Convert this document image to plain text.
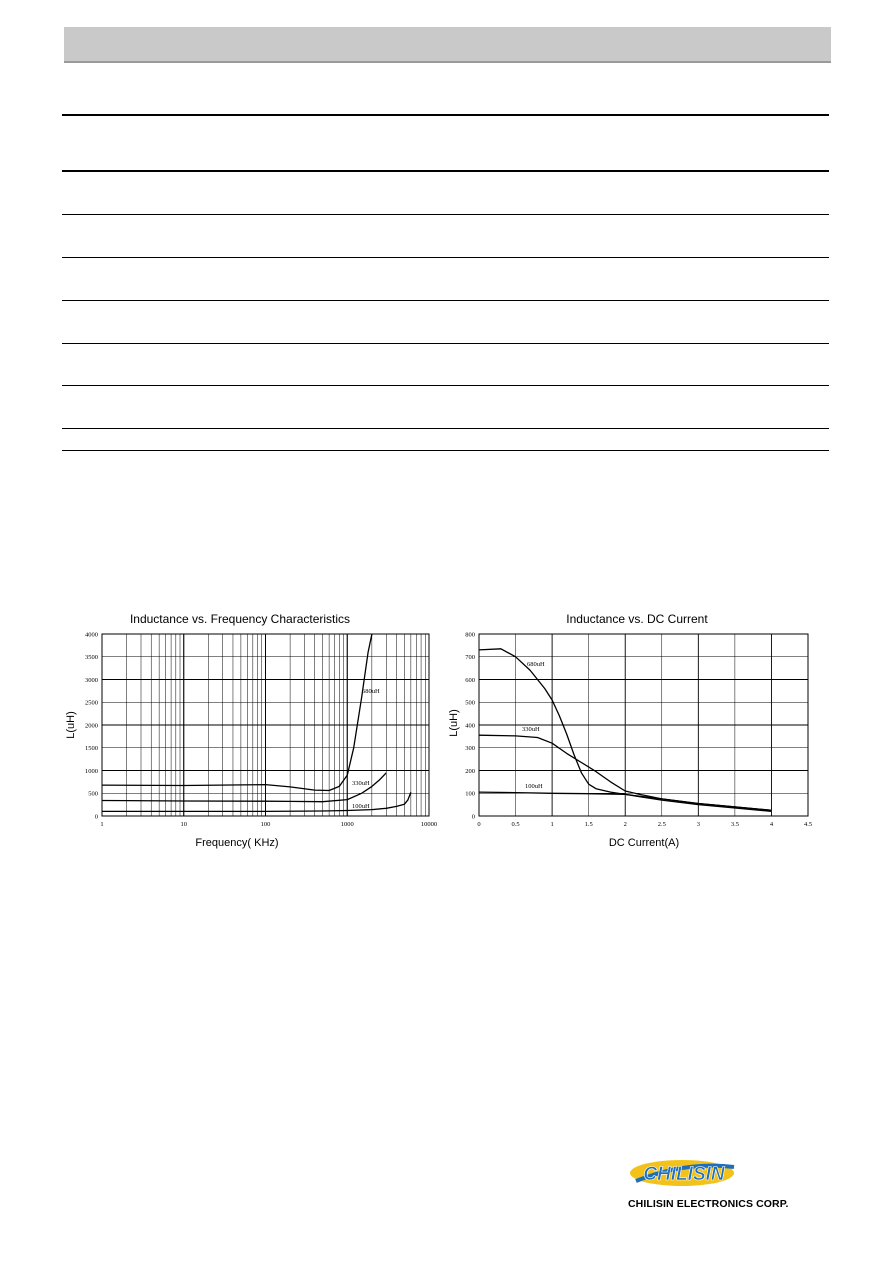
Inductance vs. Frequency Characteristics
Frequency( KHz)
L(uH)
1	10	100	1000	10000
0
500
1000
1500
2000
2500
3000
3500
4000
680uH
330uH
100uH
Inductance vs. DC Current
DC Current(A)
L(uH)
0	0.5	1	1.5	2	2.5	3	3.5	4	4.5
0
100
200
300
400
500
600
700
800
680uH
330uH
100uH
CHILISIN
CHILISIN ELECTRONICS CORP.
